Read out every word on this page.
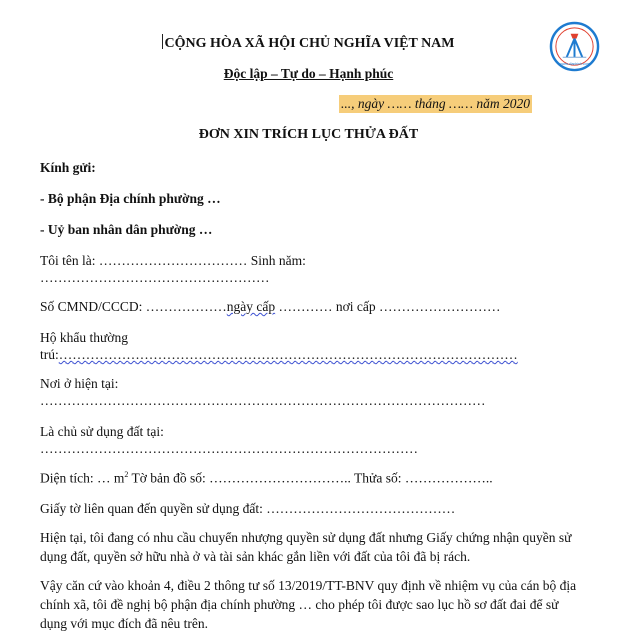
www.diachinh.com
CỘNG HÒA XÃ HỘI CHỦ NGHĨA VIỆT NAM
Độc lập – Tự do – Hạnh phúc
..., ngày …… tháng …… năm 2020
ĐƠN XIN TRÍCH LỤC THỬA ĐẤT
Kính gửi:
- Bộ phận Địa chính phường …
- Uỷ ban nhân dân phường …
Tôi tên là: …………………………… Sinh năm:
……………………………………………
Số CMND/CCCD: ………………ngày cấp ………… nơi cấp ………………………
Hộ khẩu thường
trú:…………………………………………………………………………………………
Nơi ở hiện tại:
………………………………………………………………………………………
Là chủ sử dụng đất tại:
…………………………………………………………………………
Diện tích: … $m^2$ Tờ bản đồ số: ………………………….. Thửa số: ………………..
Giấy tờ liên quan đến quyền sử dụng đất: ……………………………………
Hiện tại, tôi đang có nhu cầu chuyển nhượng quyền sử dụng đất nhưng Giấy chứng nhận quyền sử dụng đất, quyền sở hữu nhà ở và tài sản khác gắn liền với đất của tôi đã bị rách.
Vậy căn cứ vào khoản 4, điều 2 thông tư số 13/2019/TT-BNV quy định về nhiệm vụ của cán bộ địa chính xã, tôi đề nghị bộ phận địa chính phường … cho phép tôi được sao lục hồ sơ đất đai để sử dụng với mục đích đã nêu trên.
